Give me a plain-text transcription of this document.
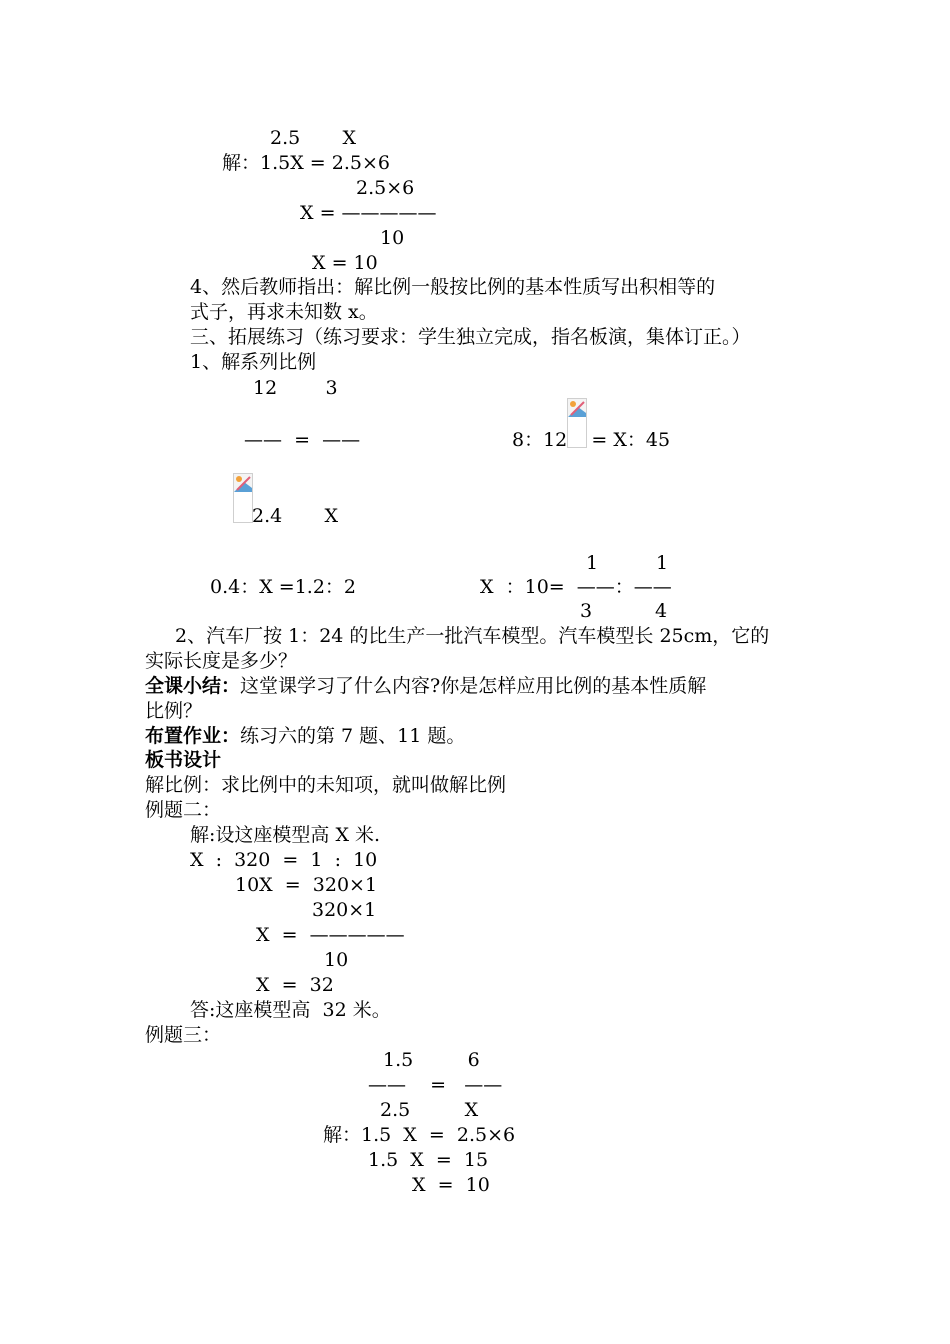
2.5       X
解：1.5X = 2.5×6
2.5×6
X = —————
10
X = 10
4、然后教师指出：解比例一般按比例的基本性质写出积相等的
式子，再求未知数 x。
三、拓展练习（练习要求：学生独立完成，指名板演，集体订正。）
1、解系列比例
12        3
——  =  ——	8：12    = X：45
2.4       X
1	1
0.4：X =1.2：2	X  ：10=  ——：——
3	4
2、汽车厂按 1：24 的比生产一批汽车模型。汽车模型长 25cm，它的
实际长度是多少？
全课小结：这堂课学习了什么内容?你是怎样应用比例的基本性质解
比例？
布置作业：练习六的第 7 题、11 题。
板书设计
解比例：求比例中的未知项，就叫做解比例
例题二：
解:设这座模型高 X 米.
X  :  320  =  1  :  10
10X  =  320×1
320×1
X  =  —————
10
X  =  32
答:这座模型高  32 米。
例题三：
1.5         6
——    =   ——
2.5         X
解：1.5  X  =  2.5×6
1.5  X  =  15
X  =  10
